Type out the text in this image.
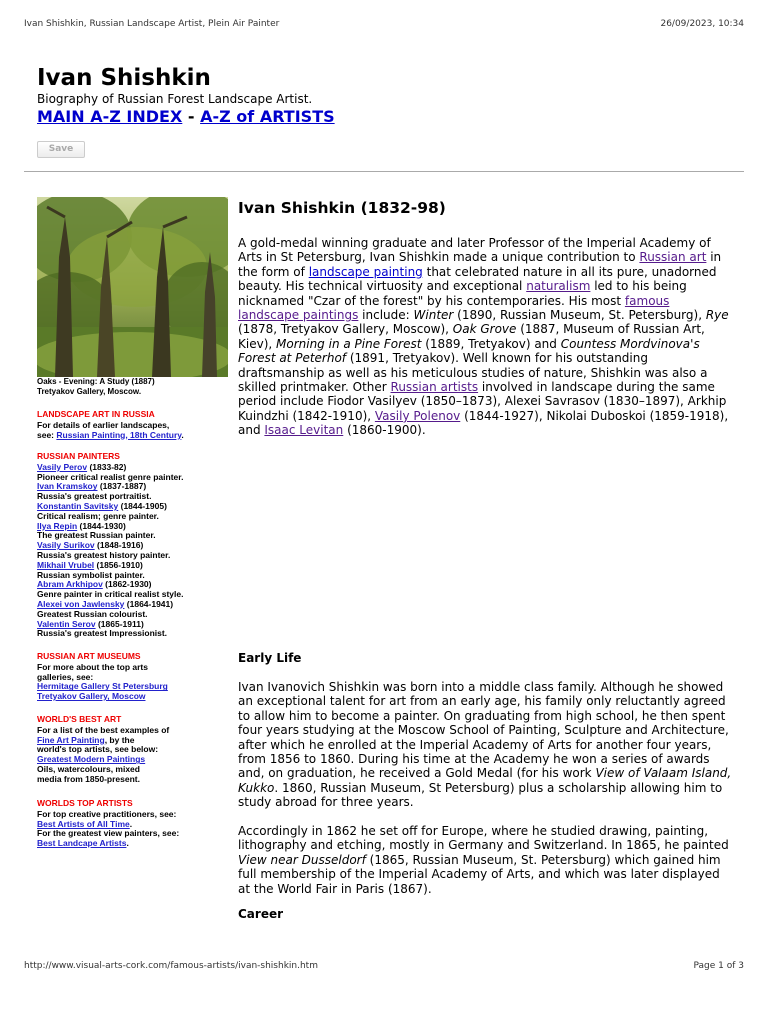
Ivan Shishkin, Russian Landscape Artist, Plein Air Painter	26/09/2023, 10:34
Ivan Shishkin
Biography of Russian Forest Landscape Artist.
MAIN A-Z INDEX - A-Z of ARTISTS
Save
Oaks - Evening: A Study (1887)
Tretyakov Gallery, Moscow.
LANDSCAPE ART IN RUSSIA
For details of earlier landscapes,
see: Russian Painting, 18th Century.
RUSSIAN PAINTERS
Vasily Perov (1833-82)
Pioneer critical realist genre painter.
Ivan Kramskoy (1837-1887)
Russia's greatest portraitist.
Konstantin Savitsky (1844-1905)
Critical realism; genre painter.
Ilya Repin (1844-1930)
The greatest Russian painter.
Vasily Surikov (1848-1916)
Russia's greatest history painter.
Mikhail Vrubel (1856-1910)
Russian symbolist painter.
Abram Arkhipov (1862-1930)
Genre painter in critical realist style.
Alexei von Jawlensky (1864-1941)
Greatest Russian colourist.
Valentin Serov (1865-1911)
Russia's greatest Impressionist.
RUSSIAN ART MUSEUMS
For more about the top arts
galleries, see:
Hermitage Gallery St Petersburg
Tretyakov Gallery, Moscow
WORLD'S BEST ART
For a list of the best examples of
Fine Art Painting, by the
world's top artists, see below:
Greatest Modern Paintings
Oils, watercolours, mixed
media from 1850-present.
WORLDS TOP ARTISTS
For top creative practitioners, see:
Best Artists of All Time.
For the greatest view painters, see:
Best Landcape Artists.
Ivan Shishkin (1832-98)
A gold-medal winning graduate and later Professor of the Imperial Academy of Arts in St Petersburg, Ivan Shishkin made a unique contribution to Russian art in the form of landscape painting that celebrated nature in all its pure, unadorned beauty. His technical virtuosity and exceptional naturalism led to his being nicknamed "Czar of the forest" by his contemporaries. His most famous landscape paintings include: Winter (1890, Russian Museum, St. Petersburg), Rye (1878, Tretyakov Gallery, Moscow), Oak Grove (1887, Museum of Russian Art, Kiev), Morning in a Pine Forest (1889, Tretyakov) and Countess Mordvinova's Forest at Peterhof (1891, Tretyakov). Well known for his outstanding draftsmanship as well as his meticulous studies of nature, Shishkin was also a skilled printmaker. Other Russian artists involved in landscape during the same period include Fiodor Vasilyev (1850–1873), Alexei Savrasov (1830–1897), Arkhip Kuindzhi (1842-1910), Vasily Polenov (1844-1927), Nikolai Duboskoi (1859-1918), and Isaac Levitan (1860-1900).
Early Life
Ivan Ivanovich Shishkin was born into a middle class family. Although he showed an exceptional talent for art from an early age, his family only reluctantly agreed to allow him to become a painter. On graduating from high school, he then spent four years studying at the Moscow School of Painting, Sculpture and Architecture, after which he enrolled at the Imperial Academy of Arts for another four years, from 1856 to 1860. During his time at the Academy he won a series of awards and, on graduation, he received a Gold Medal (for his work View of Valaam Island, Kukko. 1860, Russian Museum, St Petersburg) plus a scholarship allowing him to study abroad for three years.
Accordingly in 1862 he set off for Europe, where he studied drawing, painting, lithography and etching, mostly in Germany and Switzerland. In 1865, he painted View near Dusseldorf (1865, Russian Museum, St. Petersburg) which gained him full membership of the Imperial Academy of Arts, and which was later displayed at the World Fair in Paris (1867).
Career
http://www.visual-arts-cork.com/famous-artists/ivan-shishkin.htm	Page 1 of 3
